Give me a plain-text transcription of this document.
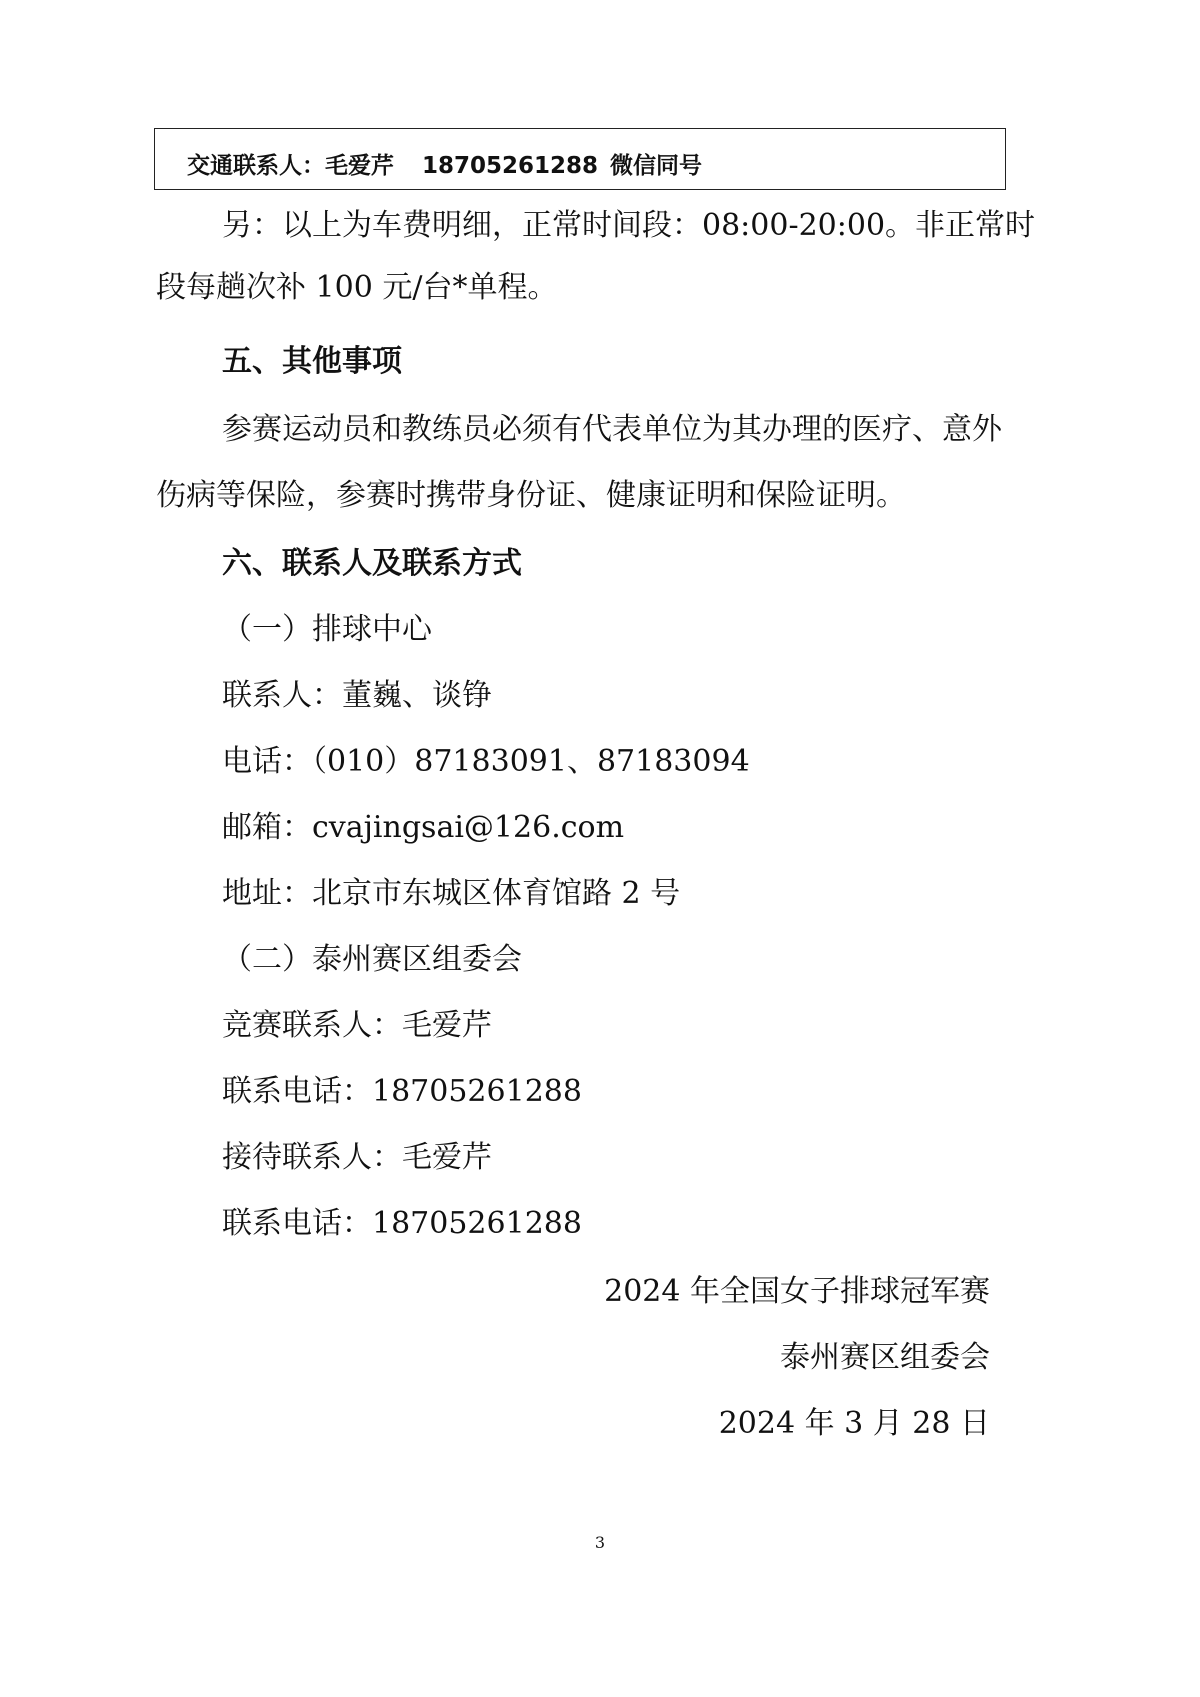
交通联系人：毛爱芹 18705261288 微信同号
另：以上为车费明细，正常时间段：08:00-20:00。非正常时
段每趟次补 100 元/台*单程。
五、其他事项
参赛运动员和教练员必须有代表单位为其办理的医疗、意外
伤病等保险，参赛时携带身份证、健康证明和保险证明。
六、联系人及联系方式
（一）排球中心
联系人：董巍、谈铮
电话：（010）87183091、87183094
邮箱：cvajingsai@126.com
地址：北京市东城区体育馆路 2 号
（二）泰州赛区组委会
竞赛联系人：毛爱芹
联系电话：18705261288
接待联系人：毛爱芹
联系电话：18705261288
2024 年全国女子排球冠军赛
泰州赛区组委会
2024 年 3 月 28 日
3
